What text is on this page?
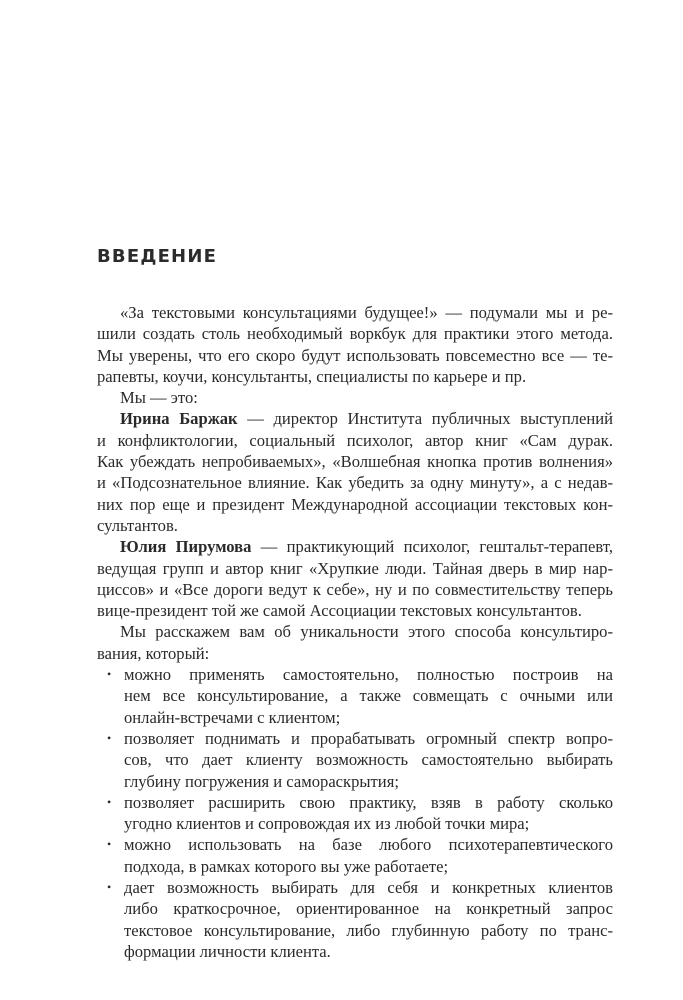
ВВЕДЕНИЕ
«За текстовыми консультациями будущее!» — подумали мы и ре-
шили создать столь необходимый воркбук для практики этого метода.
Мы уверены, что его скоро будут использовать повсеместно все — те-
рапевты, коучи, консультанты, специалисты по карьере и пр.
Мы — это:
Ирина Баржак — директор Института публичных выступлений
и конфликтологии, социальный психолог, автор книг «Сам дурак.
Как убеждать непробиваемых», «Волшебная кнопка против волнения»
и «Подсознательное влияние. Как убедить за одну минуту», а с недав-
них пор еще и президент Международной ассоциации текстовых кон-
сультантов.
Юлия Пирумова — практикующий психолог, гештальт-терапевт,
ведущая групп и автор книг «Хрупкие люди. Тайная дверь в мир нар-
циссов» и «Все дороги ведут к себе», ну и по совместительству теперь
вице-президент той же самой Ассоциации текстовых консультантов.
Мы расскажем вам об уникальности этого способа консультиро-
вания, который:
• можно применять самостоятельно, полностью построив на
нем все консультирование, а также совмещать с очными или
онлайн-встречами с клиентом;
• позволяет поднимать и прорабатывать огромный спектр вопро-
сов, что дает клиенту возможность самостоятельно выбирать
глубину погружения и самораскрытия;
• позволяет расширить свою практику, взяв в работу сколько
угодно клиентов и сопровождая их из любой точки мира;
• можно использовать на базе любого психотерапевтического
подхода, в рамках которого вы уже работаете;
• дает возможность выбирать для себя и конкретных клиентов
либо краткосрочное, ориентированное на конкретный запрос
текстовое консультирование, либо глубинную работу по транс-
формации личности клиента.
